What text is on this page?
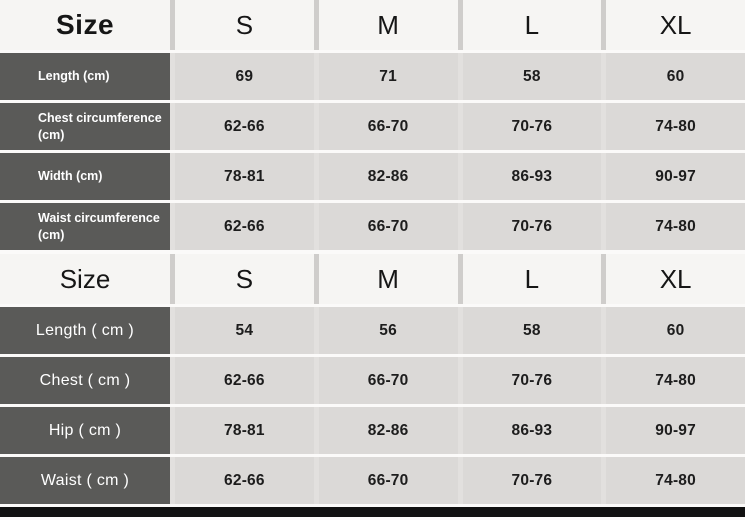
Size	S	M	L	XL
Length (cm)	69	71	58	60
Chest circumference (cm)	62-66	66-70	70-76	74-80
Width (cm)	78-81	82-86	86-93	90-97
Waist circumference (cm)	62-66	66-70	70-76	74-80
Size	S	M	L	XL
Length ( cm )	54	56	58	60
Chest ( cm )	62-66	66-70	70-76	74-80
Hip ( cm )	78-81	82-86	86-93	90-97
Waist ( cm )	62-66	66-70	70-76	74-80
